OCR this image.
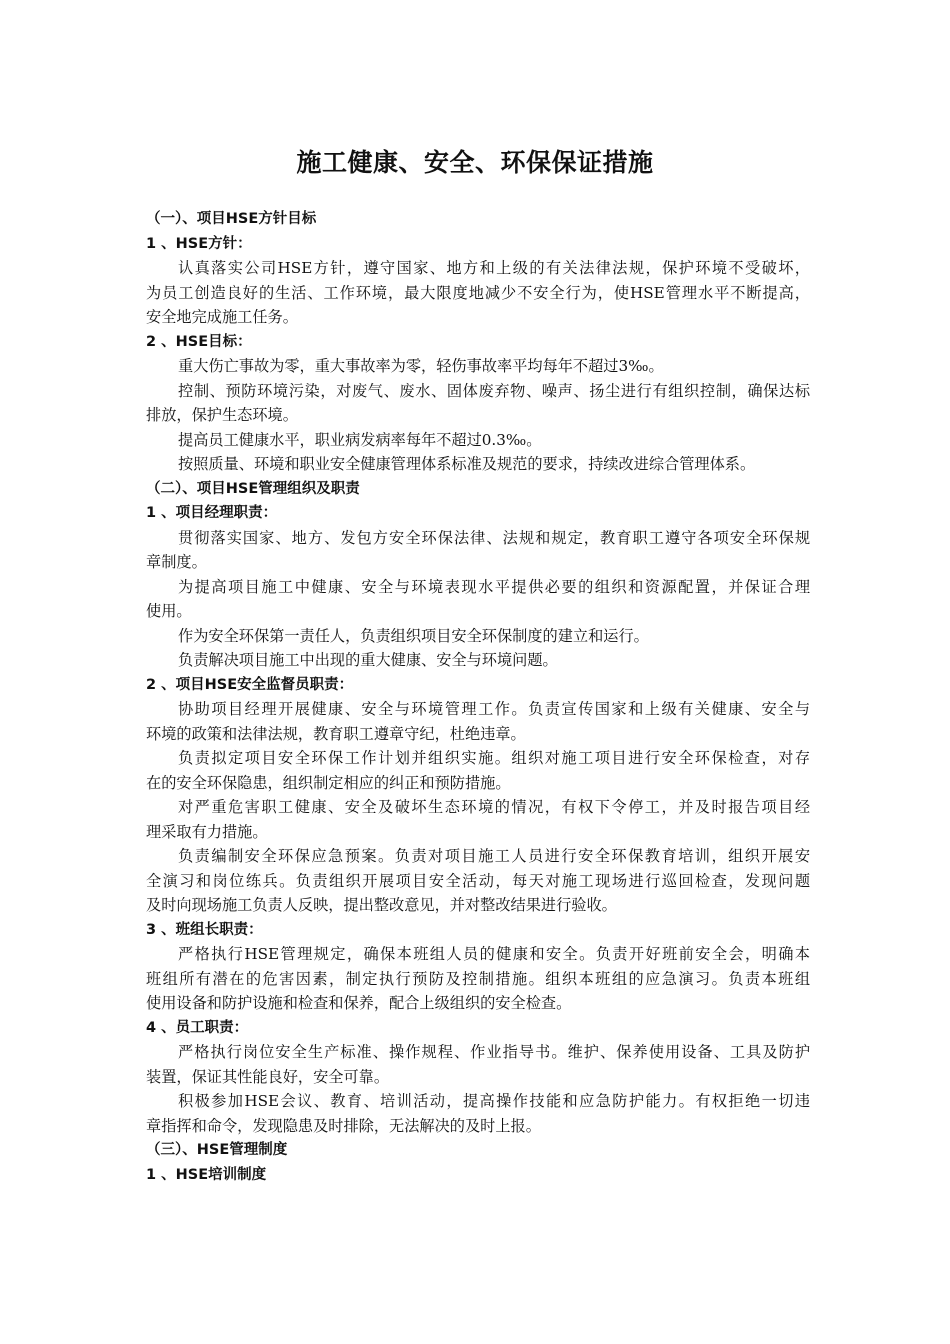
施工健康、安全、环保保证措施
（一）、项目HSE方针目标
1 、HSE方针：
认真落实公司HSE方针，遵守国家、地方和上级的有关法律法规，保护环境不受破坏，
为员工创造良好的生活、工作环境，最大限度地减少不安全行为，使HSE管理水平不断提高，
安全地完成施工任务。
2 、HSE目标：
重大伤亡事故为零，重大事故率为零，轻伤事故率平均每年不超过3‰。
控制、预防环境污染，对废气、废水、固体废弃物、噪声、扬尘进行有组织控制，确保达标
排放，保护生态环境。
提高员工健康水平，职业病发病率每年不超过0.3‰。
按照质量、环境和职业安全健康管理体系标准及规范的要求，持续改进综合管理体系。
（二）、项目HSE管理组织及职责
1 、项目经理职责：
贯彻落实国家、地方、发包方安全环保法律、法规和规定，教育职工遵守各项安全环保规
章制度。
为提高项目施工中健康、安全与环境表现水平提供必要的组织和资源配置，并保证合理
使用。
作为安全环保第一责任人，负责组织项目安全环保制度的建立和运行。
负责解决项目施工中出现的重大健康、安全与环境问题。
2 、项目HSE安全监督员职责：
协助项目经理开展健康、安全与环境管理工作。负责宣传国家和上级有关健康、安全与
环境的政策和法律法规，教育职工遵章守纪，杜绝违章。
负责拟定项目安全环保工作计划并组织实施。组织对施工项目进行安全环保检查，对存
在的安全环保隐患，组织制定相应的纠正和预防措施。
对严重危害职工健康、安全及破坏生态环境的情况，有权下令停工，并及时报告项目经
理采取有力措施。
负责编制安全环保应急预案。负责对项目施工人员进行安全环保教育培训，组织开展安
全演习和岗位练兵。负责组织开展项目安全活动，每天对施工现场进行巡回检查，发现问题
及时向现场施工负责人反映，提出整改意见，并对整改结果进行验收。
3 、班组长职责：
严格执行HSE管理规定，确保本班组人员的健康和安全。负责开好班前安全会，明确本
班组所有潜在的危害因素，制定执行预防及控制措施。组织本班组的应急演习。负责本班组
使用设备和防护设施和检查和保养，配合上级组织的安全检查。
4 、员工职责：
严格执行岗位安全生产标准、操作规程、作业指导书。维护、保养使用设备、工具及防护
装置，保证其性能良好，安全可靠。
积极参加HSE会议、教育、培训活动，提高操作技能和应急防护能力。有权拒绝一切违
章指挥和命令，发现隐患及时排除，无法解决的及时上报。
（三）、HSE管理制度
1 、HSE培训制度
